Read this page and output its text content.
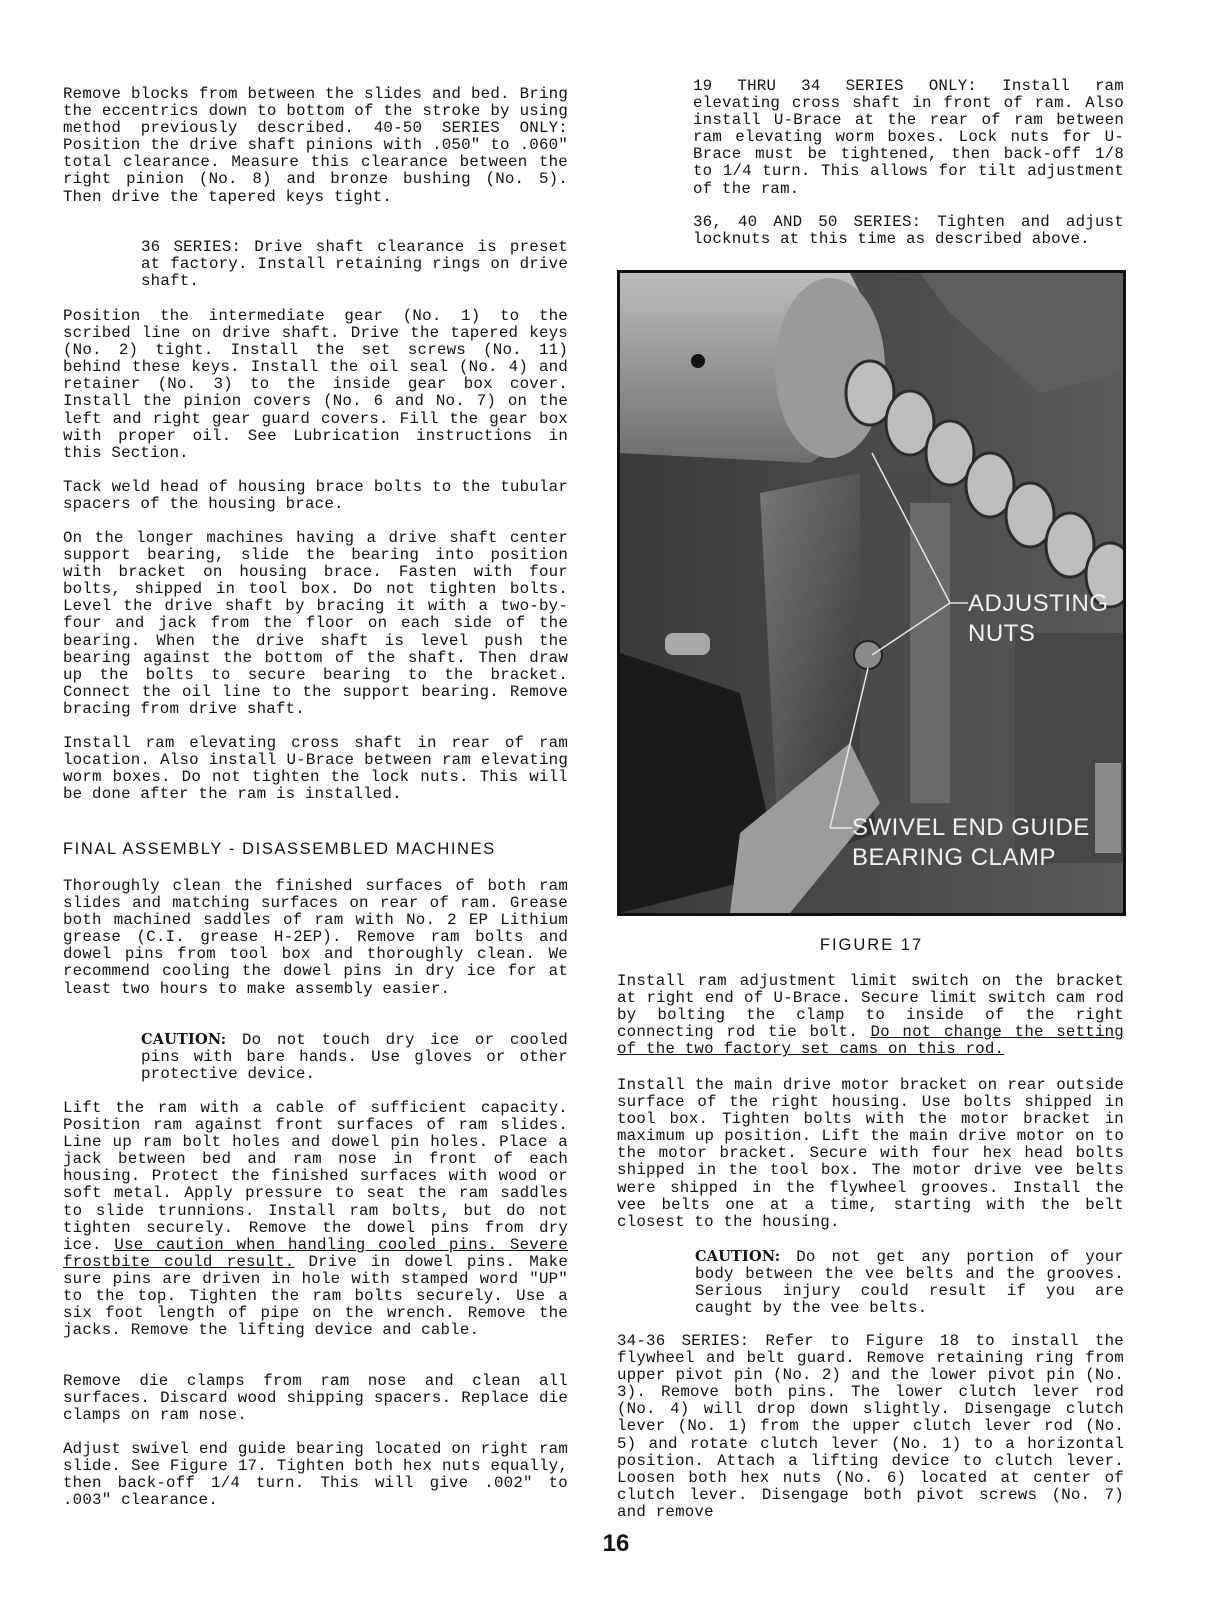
Remove blocks from between the slides and bed. Bring the eccentrics down to bottom of the stroke by using method previously described. 40-50 SERIES ONLY: Position the drive shaft pinions with .050" to .060" total clearance. Measure this clearance between the right pinion (No. 8) and bronze bushing (No. 5). Then drive the tapered keys tight.

36 SERIES: Drive shaft clearance is preset at factory. Install retaining rings on drive shaft.

Position the intermediate gear (No. 1) to the scribed line on drive shaft. Drive the tapered keys (No. 2) tight. Install the set screws (No. 11) behind these keys. Install the oil seal (No. 4) and retainer (No. 3) to the inside gear box cover. Install the pinion covers (No. 6 and No. 7) on the left and right gear guard covers. Fill the gear box with proper oil. See Lubrication instructions in this Section.

Tack weld head of housing brace bolts to the tubular spacers of the housing brace.

On the longer machines having a drive shaft center support bearing, slide the bearing into position with bracket on housing brace. Fasten with four bolts, shipped in tool box. Do not tighten bolts. Level the drive shaft by bracing it with a two-by-four and jack from the floor on each side of the bearing. When the drive shaft is level push the bearing against the bottom of the shaft. Then draw up the bolts to secure bearing to the bracket. Connect the oil line to the support bearing. Remove bracing from drive shaft.

Install ram elevating cross shaft in rear of ram location. Also install U-Brace between ram elevating worm boxes. Do not tighten the lock nuts. This will be done after the ram is installed.

FINAL ASSEMBLY - DISASSEMBLED MACHINES

Thoroughly clean the finished surfaces of both ram slides and matching surfaces on rear of ram. Grease both machined saddles of ram with No. 2 EP Lithium grease (C.I. grease H-2EP). Remove ram bolts and dowel pins from tool box and thoroughly clean. We recommend cooling the dowel pins in dry ice for at least two hours to make assembly easier.

CAUTION: Do not touch dry ice or cooled pins with bare hands. Use gloves or other protective device.

Lift the ram with a cable of sufficient capacity. Position ram against front surfaces of ram slides. Line up ram bolt holes and dowel pin holes. Place a jack between bed and ram nose in front of each housing. Protect the finished surfaces with wood or soft metal. Apply pressure to seat the ram saddles to slide trunnions. Install ram bolts, but do not tighten securely. Remove the dowel pins from dry ice. Use caution when handling cooled pins. Severe frostbite could result. Drive in dowel pins. Make sure pins are driven in hole with stamped word "UP" to the top. Tighten the ram bolts securely. Use a six foot length of pipe on the wrench. Remove the jacks. Remove the lifting device and cable.

Remove die clamps from ram nose and clean all surfaces. Discard wood shipping spacers. Replace die clamps on ram nose.

Adjust swivel end guide bearing located on right ram slide. See Figure 17. Tighten both hex nuts equally, then back-off 1/4 turn. This will give .002" to .003" clearance.

19 THRU 34 SERIES ONLY: Install ram elevating cross shaft in front of ram. Also install U-Brace at the rear of ram between ram elevating worm boxes. Lock nuts for U-Brace must be tightened, then back-off 1/8 to 1/4 turn. This allows for tilt adjustment of the ram.

36, 40 AND 50 SERIES: Tighten and adjust locknuts at this time as described above.

ADJUSTING
NUTS

SWIVEL END GUIDE
BEARING CLAMP

FIGURE 17

Install ram adjustment limit switch on the bracket at right end of U-Brace. Secure limit switch cam rod by bolting the clamp to inside of the right connecting rod tie bolt. Do not change the setting of the two factory set cams on this rod.

Install the main drive motor bracket on rear outside surface of the right housing. Use bolts shipped in tool box. Tighten bolts with the motor bracket in maximum up position. Lift the main drive motor on to the motor bracket. Secure with four hex head bolts shipped in the tool box. The motor drive vee belts were shipped in the flywheel grooves. Install the vee belts one at a time, starting with the belt closest to the housing.

CAUTION: Do not get any portion of your body between the vee belts and the grooves. Serious injury could result if you are caught by the vee belts.

34-36 SERIES: Refer to Figure 18 to install the flywheel and belt guard. Remove retaining ring from upper pivot pin (No. 2) and the lower pivot pin (No. 3). Remove both pins. The lower clutch lever rod (No. 4) will drop down slightly. Disengage clutch lever (No. 1) from the upper clutch lever rod (No. 5) and rotate clutch lever (No. 1) to a horizontal position. Attach a lifting device to clutch lever. Loosen both hex nuts (No. 6) located at center of clutch lever. Disengage both pivot screws (No. 7) and remove

16
